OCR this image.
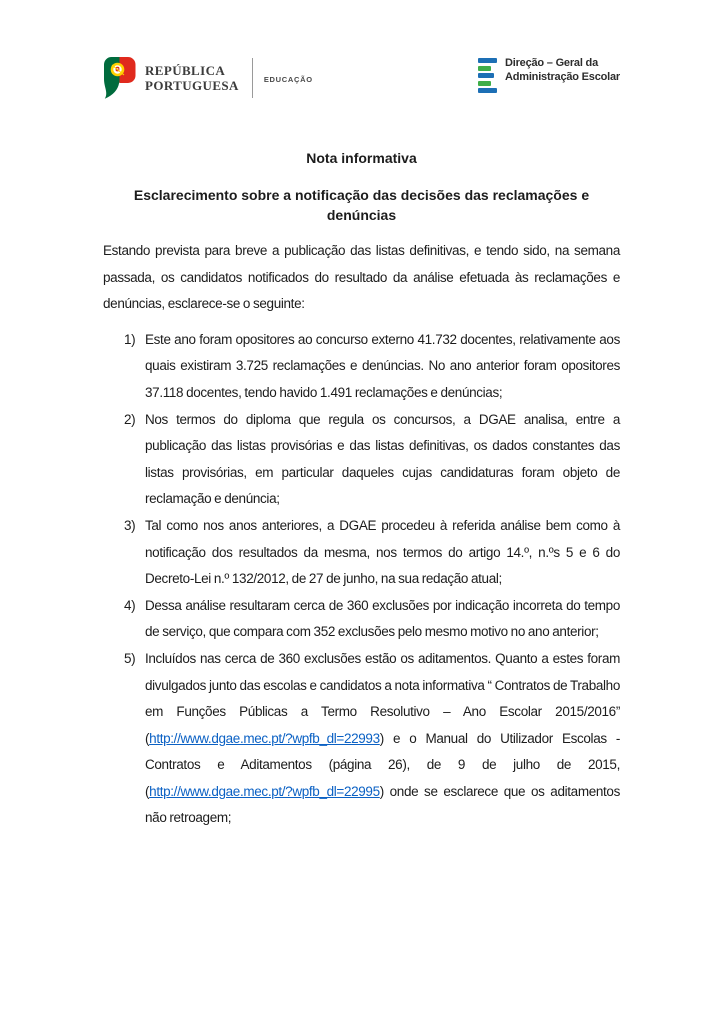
REPÚBLICA
PORTUGUESA	EDUCAÇÃO
Direção – Geral da
Administração Escolar
Nota informativa
Esclarecimento sobre a notificação das decisões das reclamações e denúncias

Estando prevista para breve a publicação das listas definitivas, e tendo sido, na semana passada, os candidatos notificados do resultado da análise efetuada às reclamações e denúncias, esclarece-se o seguinte:

1) Este ano foram opositores ao concurso externo 41.732 docentes, relativamente aos quais existiram 3.725 reclamações e denúncias. No ano anterior foram opositores 37.118 docentes, tendo havido 1.491 reclamações e denúncias;
2) Nos termos do diploma que regula os concursos, a DGAE analisa, entre a publicação das listas provisórias e das listas definitivas, os dados constantes das listas provisórias, em particular daqueles cujas candidaturas foram objeto de reclamação e denúncia;
3) Tal como nos anos anteriores, a DGAE procedeu à referida análise bem como à notificação dos resultados da mesma, nos termos do artigo 14.º, n.ºs 5 e 6 do Decreto-Lei n.º 132/2012, de 27 de junho, na sua redação atual;
4) Dessa análise resultaram cerca de 360 exclusões por indicação incorreta do tempo de serviço, que compara com 352 exclusões pelo mesmo motivo no ano anterior;
5) Incluídos nas cerca de 360 exclusões estão os aditamentos. Quanto a estes foram divulgados junto das escolas e candidatos a nota informativa “ Contratos de Trabalho em Funções Públicas a Termo Resolutivo – Ano Escolar 2015/2016” (http://www.dgae.mec.pt/?wpfb_dl=22993) e o Manual do Utilizador Escolas - Contratos e Aditamentos (página 26), de 9 de julho de 2015, (http://www.dgae.mec.pt/?wpfb_dl=22995) onde se esclarece que os aditamentos não retroagem;
